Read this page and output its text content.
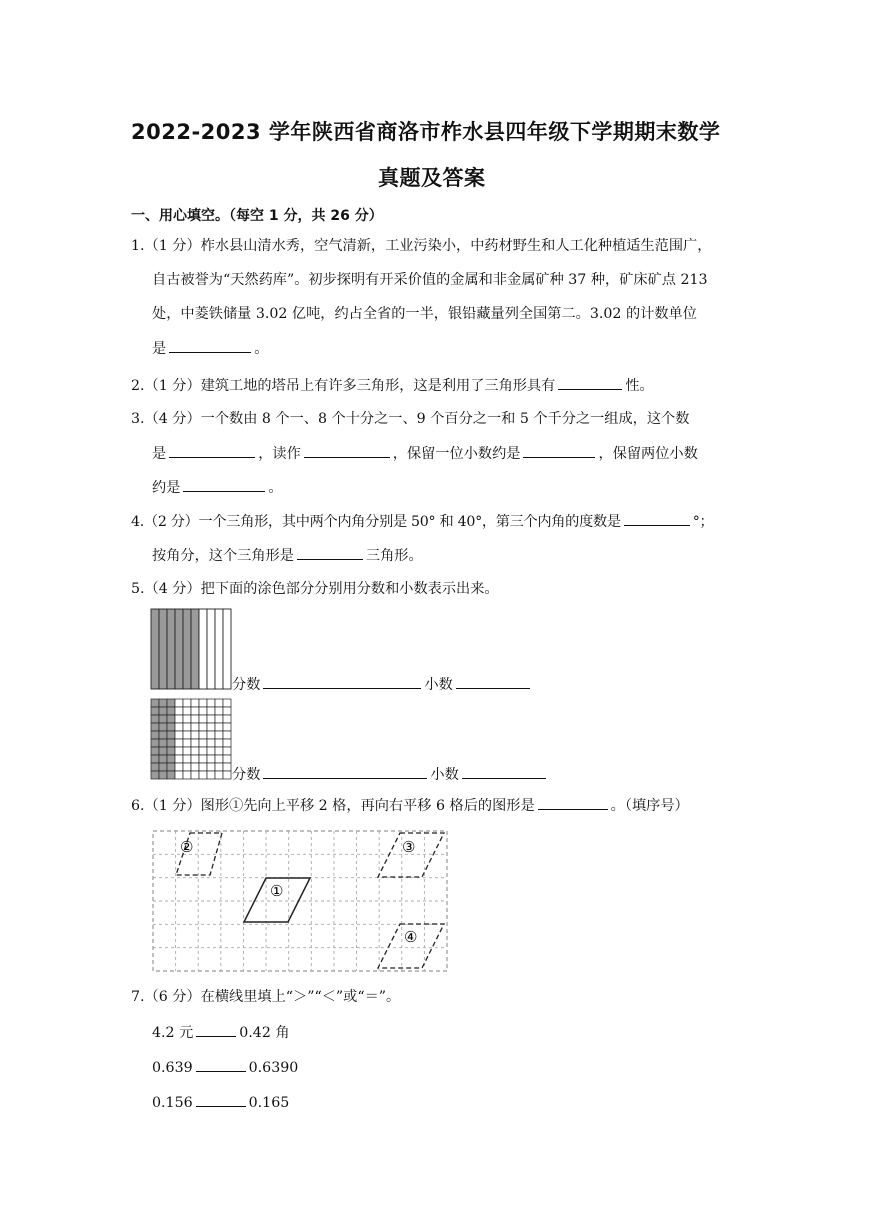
2022-2023 学年陕西省商洛市柞水县四年级下学期期末数学
真题及答案
一、用心填空。（每空 1 分，共 26 分）
1.（1 分）柞水县山清水秀，空气清新，工业污染小，中药材野生和人工化种植适生范围广，
自古被誉为“天然药库”。初步探明有开采价值的金属和非金属矿种 37 种，矿床矿点 213
处，中菱铁储量 3.02 亿吨，约占全省的一半，银铅藏量列全国第二。3.02 的计数单位
是	。
2.（1 分）建筑工地的塔吊上有许多三角形，这是利用了三角形具有	性。
3.（4 分）一个数由 8 个一、8 个十分之一、9 个百分之一和 5 个千分之一组成，这个数
是	，读作	，保留一位小数约是	，保留两位小数
约是	。
4.（2 分）一个三角形，其中两个内角分别是 50° 和 40°，第三个内角的度数是	°；
按角分，这个三角形是	三角形。
5.（4 分）把下面的涂色部分分别用分数和小数表示出来。
分数	小数
分数	小数
6.（1 分）图形①先向上平移 2 格，再向右平移 6 格后的图形是	。（填序号）
②	③
①
④
7.（6 分）在横线里填上“＞”“＜”或“＝”。
4.2 元	0.42 角
0.639	0.6390
0.156	0.165
